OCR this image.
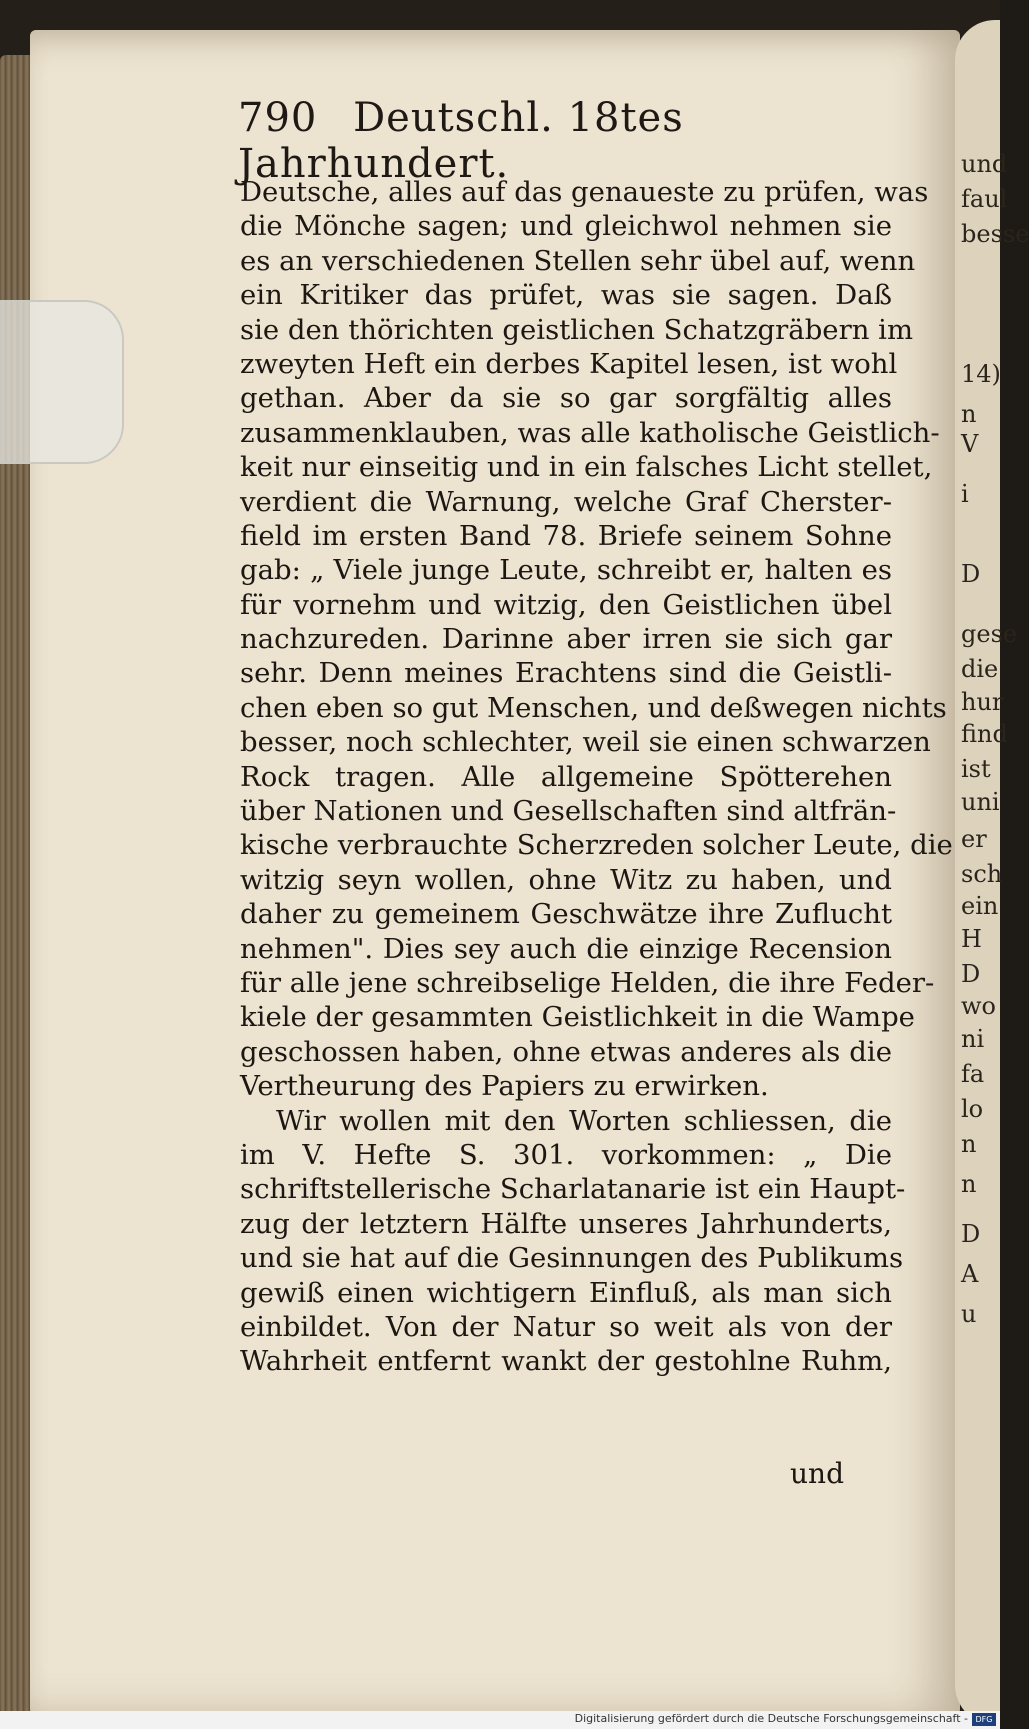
und
faul
besse
14)
n
V
i
D
gese
die
hur
find
ist
uni
er
sch
ein
H
D
wo
ni
fa
lo
n
n
D
A
u
790 Deutschl. 18tes Jahrhundert.
Deutsche, alles auf das genaueste zu prüfen, was
die Mönche sagen; und gleichwol nehmen sie
es an verschiedenen Stellen sehr übel auf, wenn
ein Kritiker das prüfet, was sie sagen. Daß
sie den thörichten geistlichen Schatzgräbern im
zweyten Heft ein derbes Kapitel lesen, ist wohl
gethan. Aber da sie so gar sorgfältig alles
zusammenklauben, was alle katholische Geistlich-
keit nur einseitig und in ein falsches Licht stellet,
verdient die Warnung, welche Graf Cherster-
field im ersten Band 78. Briefe seinem Sohne
gab: „ Viele junge Leute, schreibt er, halten es
für vornehm und witzig, den Geistlichen übel
nachzureden. Darinne aber irren sie sich gar
sehr. Denn meines Erachtens sind die Geistli-
chen eben so gut Menschen, und deßwegen nichts
besser, noch schlechter, weil sie einen schwarzen
Rock tragen. Alle allgemeine Spötterehen
über Nationen und Gesellschaften sind altfrän-
kische verbrauchte Scherzreden solcher Leute, die
witzig seyn wollen, ohne Witz zu haben, und
daher zu gemeinem Geschwätze ihre Zuflucht
nehmen". Dies sey auch die einzige Recension
für alle jene schreibselige Helden, die ihre Feder-
kiele der gesammten Geistlichkeit in die Wampe
geschossen haben, ohne etwas anderes als die
Vertheurung des Papiers zu erwirken.
Wir wollen mit den Worten schliessen, die
im V. Hefte S. 301. vorkommen: „ Die
schriftstellerische Scharlatanarie ist ein Haupt-
zug der letztern Hälfte unseres Jahrhunderts,
und sie hat auf die Gesinnungen des Publikums
gewiß einen wichtigern Einfluß, als man sich
einbildet. Von der Natur so weit als von der
Wahrheit entfernt wankt der gestohlne Ruhm,
und
Digitalisierung gefördert durch die Deutsche Forschungsgemeinschaft - DFG
